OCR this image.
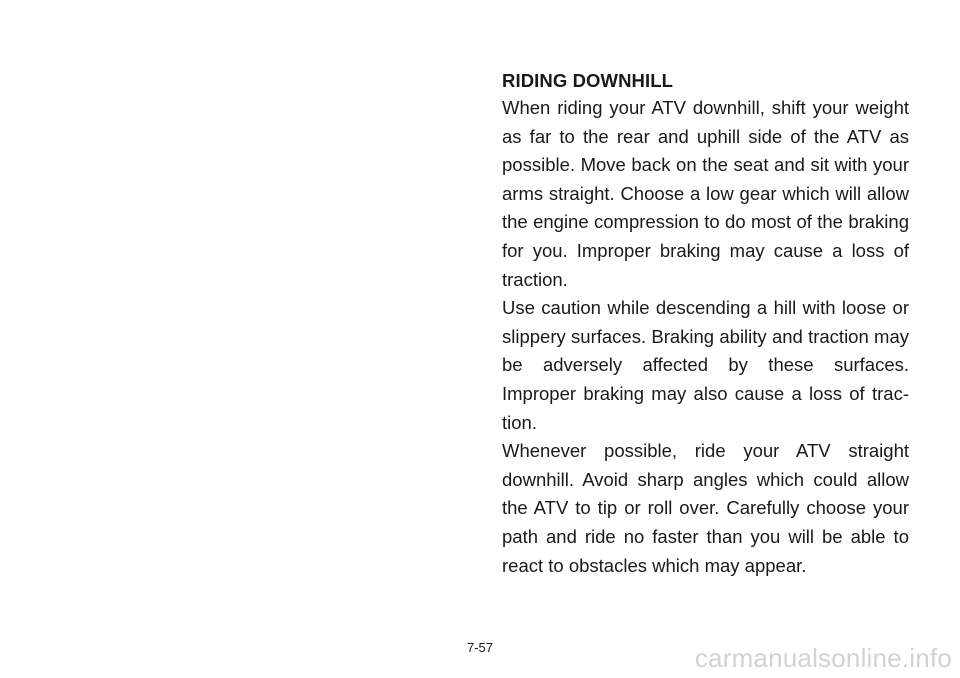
RIDING DOWNHILL

When riding your ATV downhill, shift your weight as far to the rear and uphill side of the ATV as possible. Move back on the seat and sit with your arms straight. Choose a low gear which will allow the engine compression to do most of the braking for you. Improper braking may cause a loss of traction.

Use caution while descending a hill with loose or slippery surfaces. Braking ability and traction may be adversely affected by these surfaces. Improper braking may also cause a loss of traction.

Whenever possible, ride your ATV straight downhill. Avoid sharp angles which could allow the ATV to tip or roll over. Carefully choose your path and ride no faster than you will be able to react to obstacles which may appear.

7-57	carmanualsonline.info
